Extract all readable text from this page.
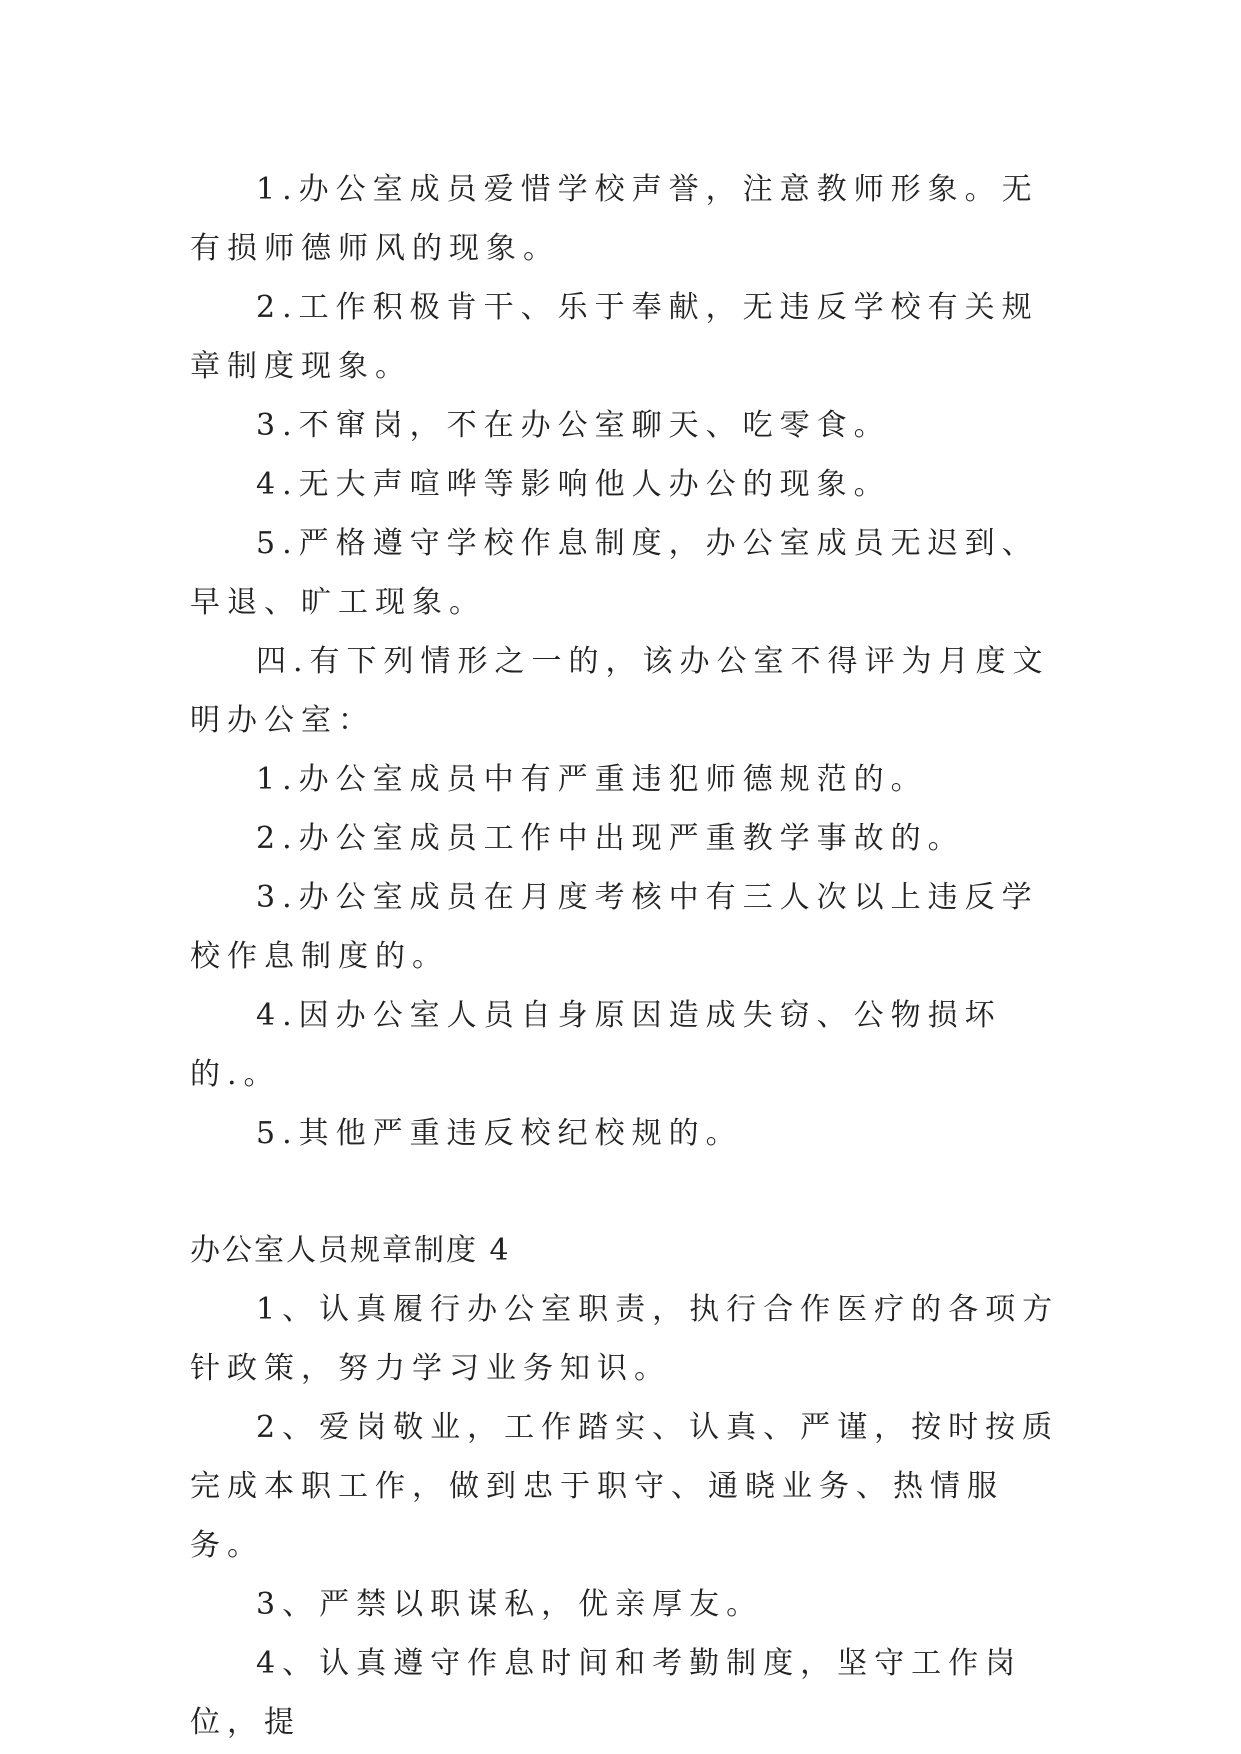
1.办公室成员爱惜学校声誉，注意教师形象。无有损师德师风的现象。

2.工作积极肯干、乐于奉献，无违反学校有关规章制度现象。

3.不窜岗，不在办公室聊天、吃零食。

4.无大声喧哗等影响他人办公的现象。

5.严格遵守学校作息制度，办公室成员无迟到、早退、旷工现象。

四.有下列情形之一的，该办公室不得评为月度文明办公室：

1.办公室成员中有严重违犯师德规范的。

2.办公室成员工作中出现严重教学事故的。

3.办公室成员在月度考核中有三人次以上违反学校作息制度的。

4.因办公室人员自身原因造成失窃、公物损坏的.。

5.其他严重违反校纪校规的。

办公室人员规章制度 4

1、认真履行办公室职责，执行合作医疗的各项方针政策，努力学习业务知识。

2、爱岗敬业，工作踏实、认真、严谨，按时按质完成本职工作，做到忠于职守、通晓业务、热情服务。

3、严禁以职谋私，优亲厚友。

4、认真遵守作息时间和考勤制度，坚守工作岗位，提
